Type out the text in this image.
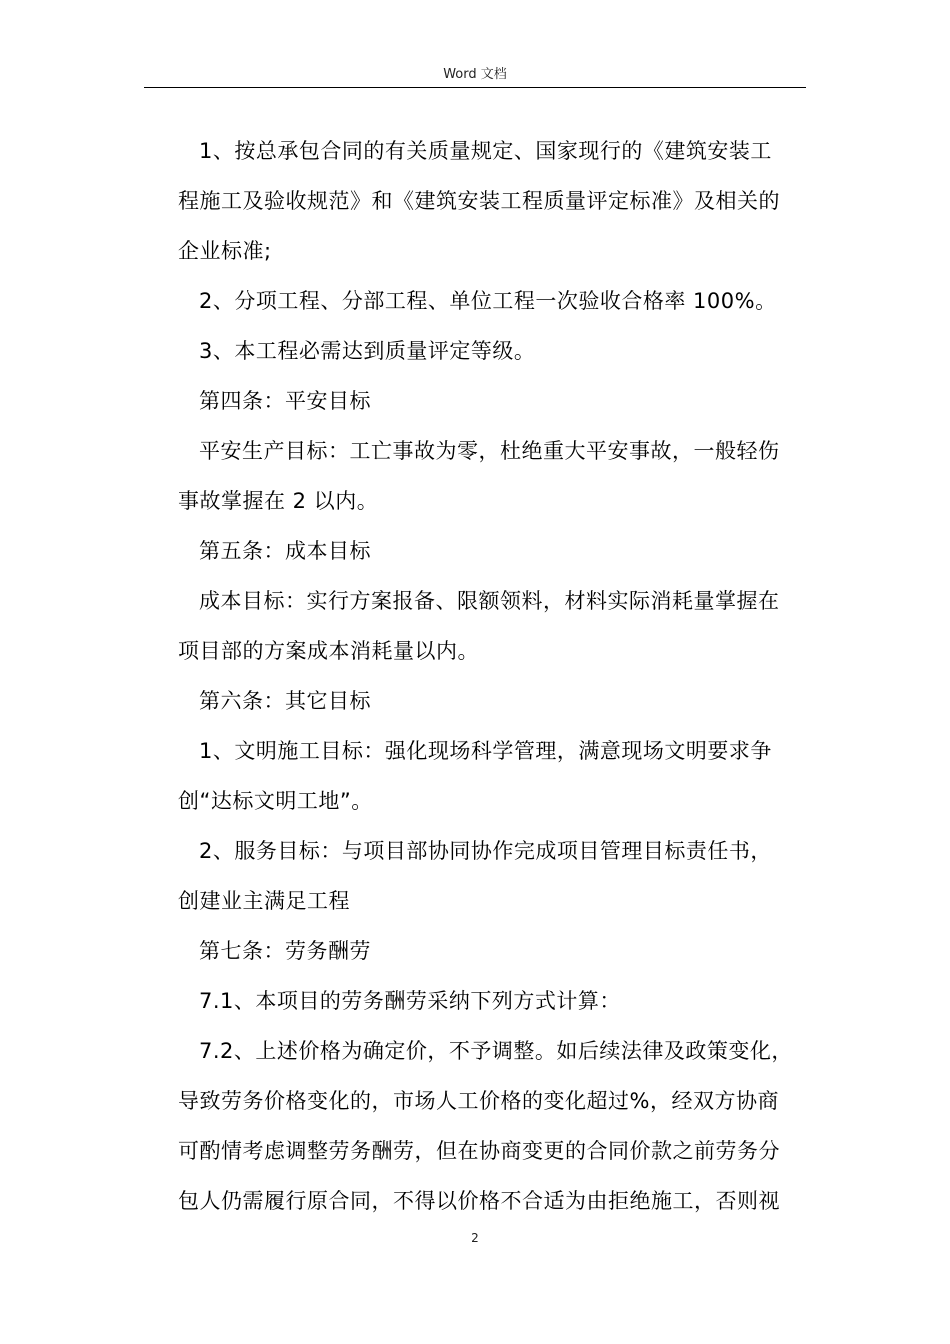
Word 文档
1、按总承包合同的有关质量规定、国家现行的《建筑安装工
程施工及验收规范》和《建筑安装工程质量评定标准》及相关的
企业标准;
2、分项工程、分部工程、单位工程一次验收合格率 100%。
3、本工程必需达到质量评定等级。
第四条：平安目标
平安生产目标：工亡事故为零，杜绝重大平安事故，一般轻伤
事故掌握在 2 以内。
第五条：成本目标
成本目标：实行方案报备、限额领料，材料实际消耗量掌握在
项目部的方案成本消耗量以内。
第六条：其它目标
1、文明施工目标：强化现场科学管理，满意现场文明要求争
创“达标文明工地”。
2、服务目标：与项目部协同协作完成项目管理目标责任书，
创建业主满足工程
第七条：劳务酬劳
7.1、本项目的劳务酬劳采纳下列方式计算：
7.2、上述价格为确定价，不予调整。如后续法律及政策变化，
导致劳务价格变化的，市场人工价格的变化超过%，经双方协商
可酌情考虑调整劳务酬劳，但在协商变更的合同价款之前劳务分
包人仍需履行原合同，不得以价格不合适为由拒绝施工，否则视
2
